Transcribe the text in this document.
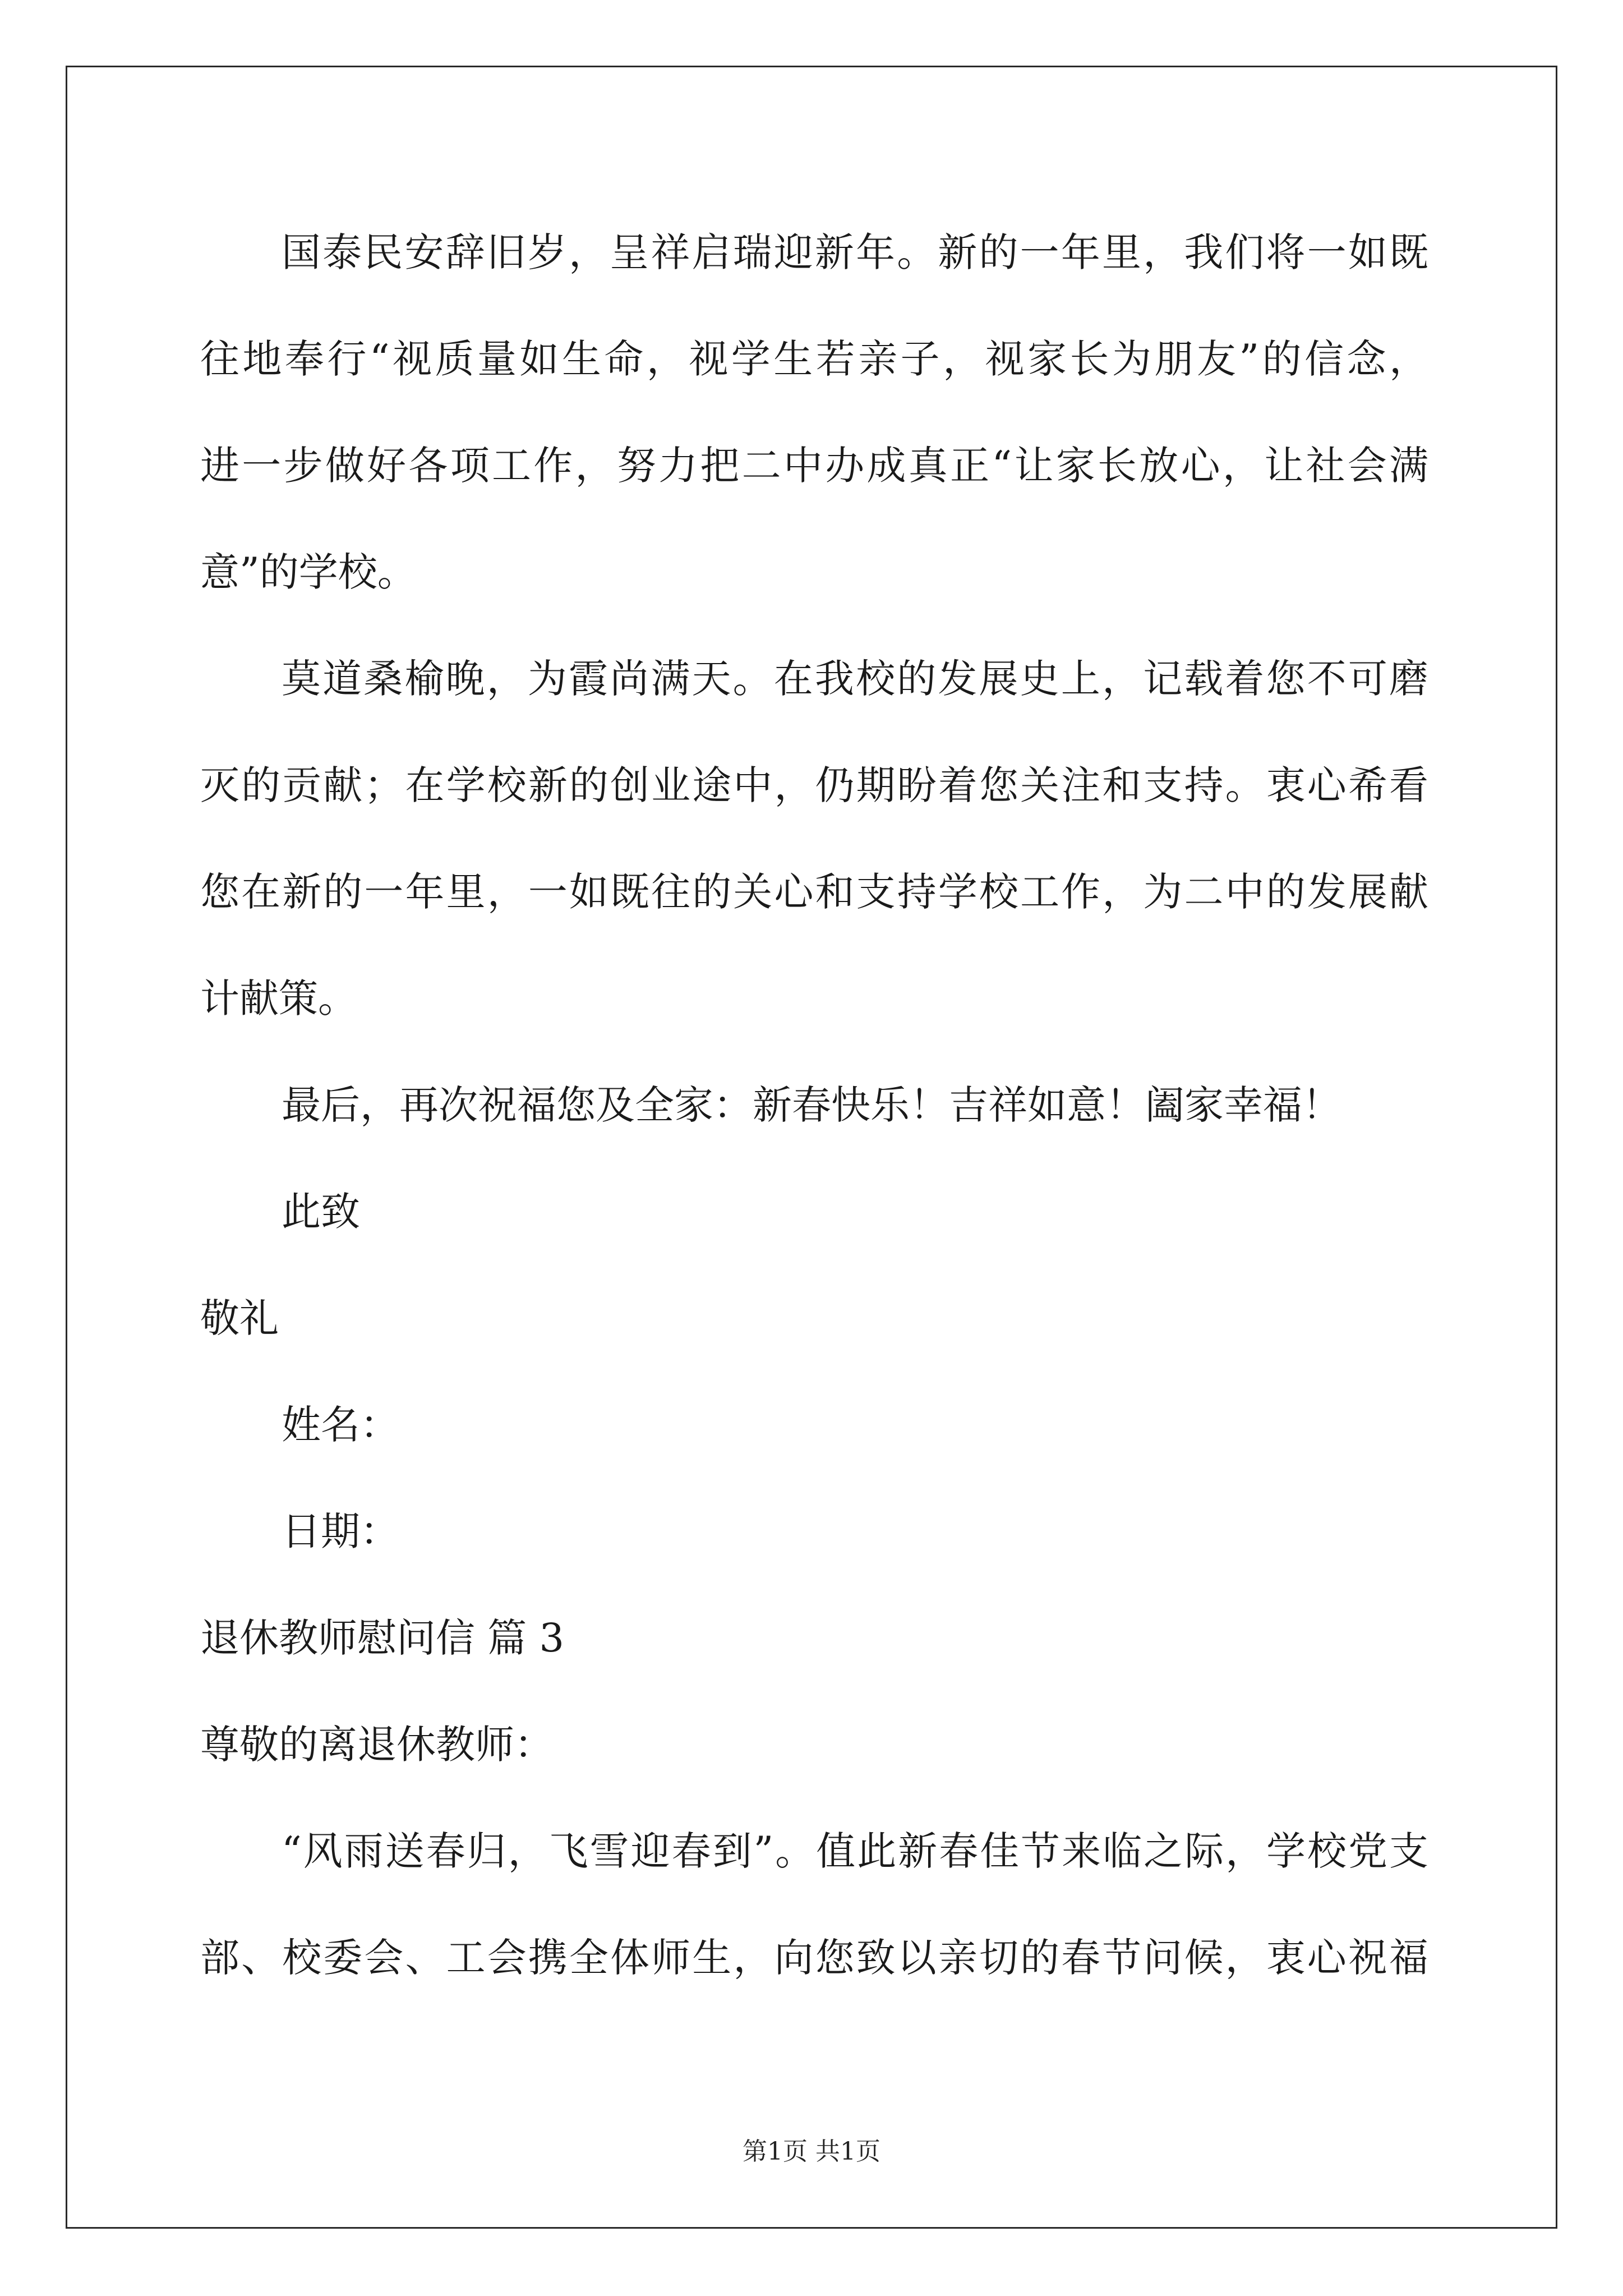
国泰民安辞旧岁，呈祥启瑞迎新年。新的一年里，我们将一如既
往地奉行“视质量如生命，视学生若亲子，视家长为朋友”的信念，
进一步做好各项工作，努力把二中办成真正“让家长放心，让社会满
意”的学校。
莫道桑榆晚，为霞尚满天。在我校的发展史上，记载着您不可磨
灭的贡献；在学校新的创业途中，仍期盼着您关注和支持。衷心希看
您在新的一年里，一如既往的关心和支持学校工作，为二中的发展献
计献策。
最后，再次祝福您及全家：新春快乐！吉祥如意！阖家幸福！
此致
敬礼
姓名：
日期：
退休教师慰问信 篇 3
尊敬的离退休教师：
“风雨送春归，飞雪迎春到”。值此新春佳节来临之际，学校党支
部、校委会、工会携全体师生，向您致以亲切的春节问候，衷心祝福
第1页 共1页
